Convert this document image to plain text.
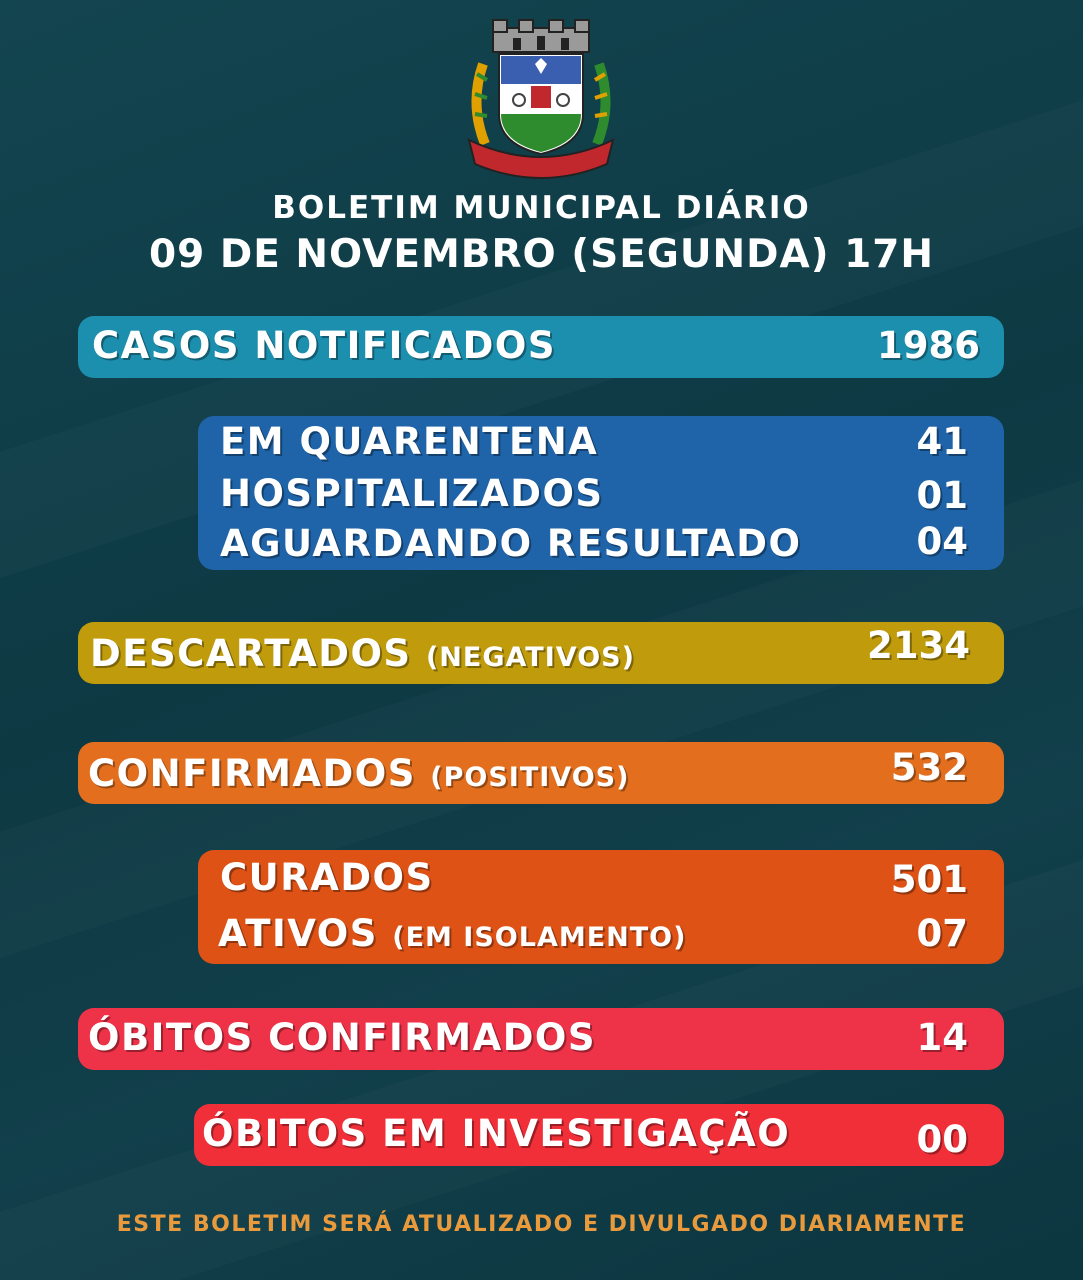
BOLETIM MUNICIPAL DIÁRIO
09 DE NOVEMBRO (SEGUNDA) 17H
CASOS NOTIFICADOS	1986
EM QUARENTENA	41
HOSPITALIZADOS	01
AGUARDANDO RESULTADO	04
DESCARTADOS (NEGATIVOS)	2134
CONFIRMADOS (POSITIVOS)	532
CURADOS	501
ATIVOS (EM ISOLAMENTO)	07
ÓBITOS CONFIRMADOS	14
ÓBITOS EM INVESTIGAÇÃO	00
ESTE BOLETIM SERÁ ATUALIZADO E DIVULGADO DIARIAMENTE
